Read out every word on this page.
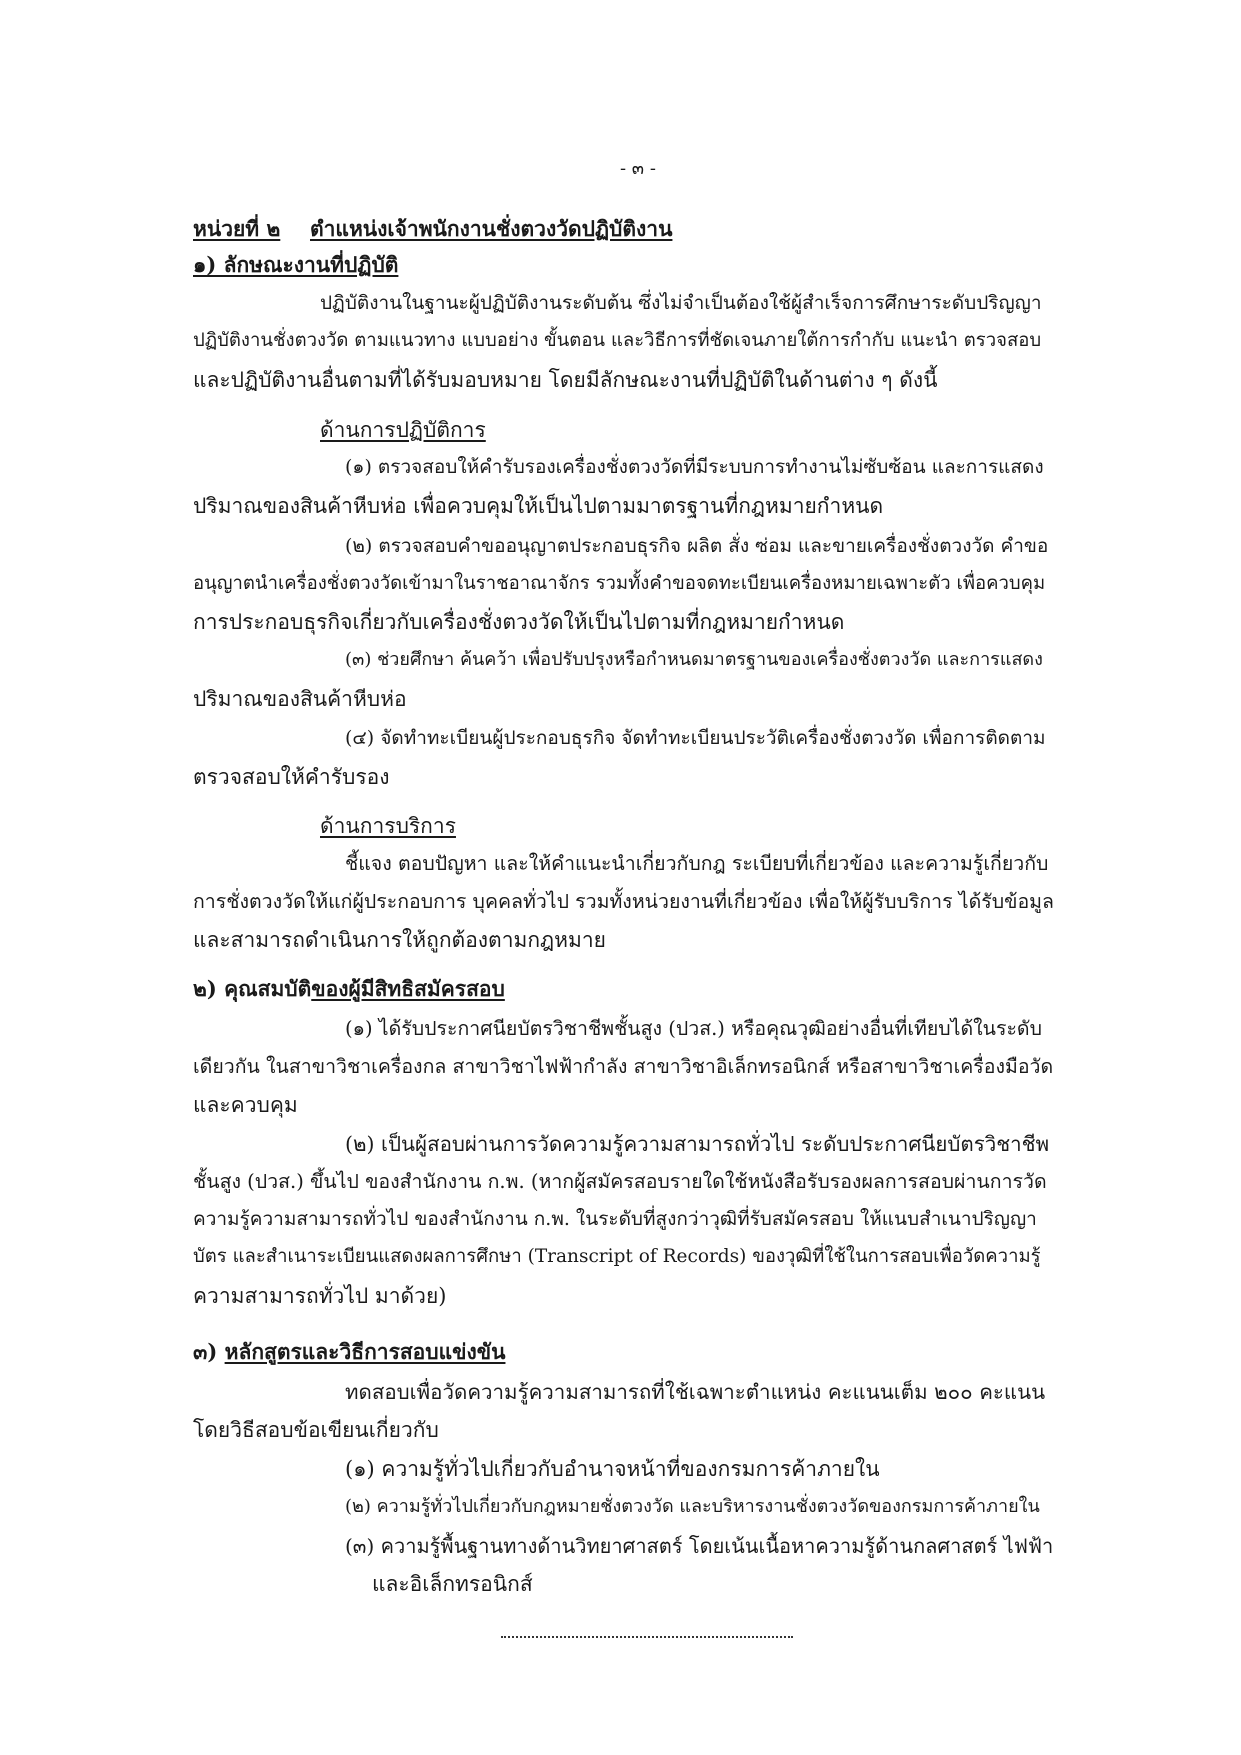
- ๓ -
หน่วยที่ ๒ ตำแหน่งเจ้าพนักงานชั่งตวงวัดปฏิบัติงาน
๑) ลักษณะงานที่ปฏิบัติ
ปฏิบัติงานในฐานะผู้ปฏิบัติงานระดับต้น ซึ่งไม่จำเป็นต้องใช้ผู้สำเร็จการศึกษาระดับปริญญา
ปฏิบัติงานชั่งตวงวัด ตามแนวทาง แบบอย่าง ขั้นตอน และวิธีการที่ชัดเจนภายใต้การกำกับ แนะนำ ตรวจสอบ
และปฏิบัติงานอื่นตามที่ได้รับมอบหมาย โดยมีลักษณะงานที่ปฏิบัติในด้านต่าง ๆ ดังนี้
ด้านการปฏิบัติการ
(๑) ตรวจสอบให้คำรับรองเครื่องชั่งตวงวัดที่มีระบบการทำงานไม่ซับซ้อน และการแสดง
ปริมาณของสินค้าหีบห่อ เพื่อควบคุมให้เป็นไปตามมาตรฐานที่กฎหมายกำหนด
(๒) ตรวจสอบคำขออนุญาตประกอบธุรกิจ ผลิต สั่ง ซ่อม และขายเครื่องชั่งตวงวัด คำขอ
อนุญาตนำเครื่องชั่งตวงวัดเข้ามาในราชอาณาจักร รวมทั้งคำขอจดทะเบียนเครื่องหมายเฉพาะตัว เพื่อควบคุม
การประกอบธุรกิจเกี่ยวกับเครื่องชั่งตวงวัดให้เป็นไปตามที่กฎหมายกำหนด
(๓) ช่วยศึกษา ค้นคว้า เพื่อปรับปรุงหรือกำหนดมาตรฐานของเครื่องชั่งตวงวัด และการแสดง
ปริมาณของสินค้าหีบห่อ
(๔) จัดทำทะเบียนผู้ประกอบธุรกิจ จัดทำทะเบียนประวัติเครื่องชั่งตวงวัด เพื่อการติดตาม
ตรวจสอบให้คำรับรอง
ด้านการบริการ
ชี้แจง ตอบปัญหา และให้คำแนะนำเกี่ยวกับกฎ ระเบียบที่เกี่ยวข้อง และความรู้เกี่ยวกับ
การชั่งตวงวัดให้แก่ผู้ประกอบการ บุคคลทั่วไป รวมทั้งหน่วยงานที่เกี่ยวข้อง เพื่อให้ผู้รับบริการ ได้รับข้อมูล
และสามารถดำเนินการให้ถูกต้องตามกฎหมาย
๒) คุณสมบัติของผู้มีสิทธิสมัครสอบ
(๑) ได้รับประกาศนียบัตรวิชาชีพชั้นสูง (ปวส.) หรือคุณวุฒิอย่างอื่นที่เทียบได้ในระดับ
เดียวกัน ในสาขาวิชาเครื่องกล สาขาวิชาไฟฟ้ากำลัง สาขาวิชาอิเล็กทรอนิกส์ หรือสาขาวิชาเครื่องมือวัด
และควบคุม
(๒) เป็นผู้สอบผ่านการวัดความรู้ความสามารถทั่วไป ระดับประกาศนียบัตรวิชาชีพ
ชั้นสูง (ปวส.) ขึ้นไป ของสำนักงาน ก.พ. (หากผู้สมัครสอบรายใดใช้หนังสือรับรองผลการสอบผ่านการวัด
ความรู้ความสามารถทั่วไป ของสำนักงาน ก.พ. ในระดับที่สูงกว่าวุฒิที่รับสมัครสอบ ให้แนบสำเนาปริญญา
บัตร และสำเนาระเบียนแสดงผลการศึกษา (Transcript of Records) ของวุฒิที่ใช้ในการสอบเพื่อวัดความรู้
ความสามารถทั่วไป มาด้วย)
๓) หลักสูตรและวิธีการสอบแข่งขัน
ทดสอบเพื่อวัดความรู้ความสามารถที่ใช้เฉพาะตำแหน่ง คะแนนเต็ม ๒๐๐ คะแนน
โดยวิธีสอบข้อเขียนเกี่ยวกับ
(๑) ความรู้ทั่วไปเกี่ยวกับอำนาจหน้าที่ของกรมการค้าภายใน
(๒) ความรู้ทั่วไปเกี่ยวกับกฎหมายชั่งตวงวัด และบริหารงานชั่งตวงวัดของกรมการค้าภายใน
(๓) ความรู้พื้นฐานทางด้านวิทยาศาสตร์ โดยเน้นเนื้อหาความรู้ด้านกลศาสตร์ ไฟฟ้า
และอิเล็กทรอนิกส์
